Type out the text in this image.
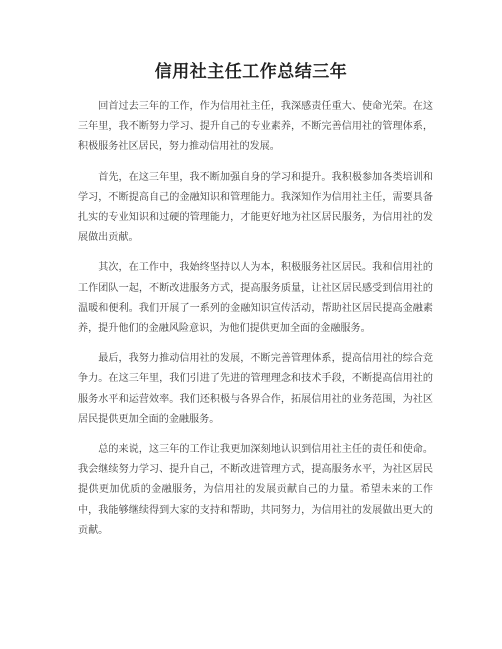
信用社主任工作总结三年

回首过去三年的工作，作为信用社主任，我深感责任重大、使命光荣。在这三年里，我不断努力学习、提升自己的专业素养，不断完善信用社的管理体系，积极服务社区居民，努力推动信用社的发展。

首先，在这三年里，我不断加强自身的学习和提升。我积极参加各类培训和学习，不断提高自己的金融知识和管理能力。我深知作为信用社主任，需要具备扎实的专业知识和过硬的管理能力，才能更好地为社区居民服务，为信用社的发展做出贡献。

其次，在工作中，我始终坚持以人为本，积极服务社区居民。我和信用社的工作团队一起，不断改进服务方式，提高服务质量，让社区居民感受到信用社的温暖和便利。我们开展了一系列的金融知识宣传活动，帮助社区居民提高金融素养，提升他们的金融风险意识，为他们提供更加全面的金融服务。

最后，我努力推动信用社的发展，不断完善管理体系，提高信用社的综合竞争力。在这三年里，我们引进了先进的管理理念和技术手段，不断提高信用社的服务水平和运营效率。我们还积极与各界合作，拓展信用社的业务范围，为社区居民提供更加全面的金融服务。

总的来说，这三年的工作让我更加深刻地认识到信用社主任的责任和使命。我会继续努力学习、提升自己，不断改进管理方式，提高服务水平，为社区居民提供更加优质的金融服务，为信用社的发展贡献自己的力量。希望未来的工作中，我能够继续得到大家的支持和帮助，共同努力，为信用社的发展做出更大的贡献。
